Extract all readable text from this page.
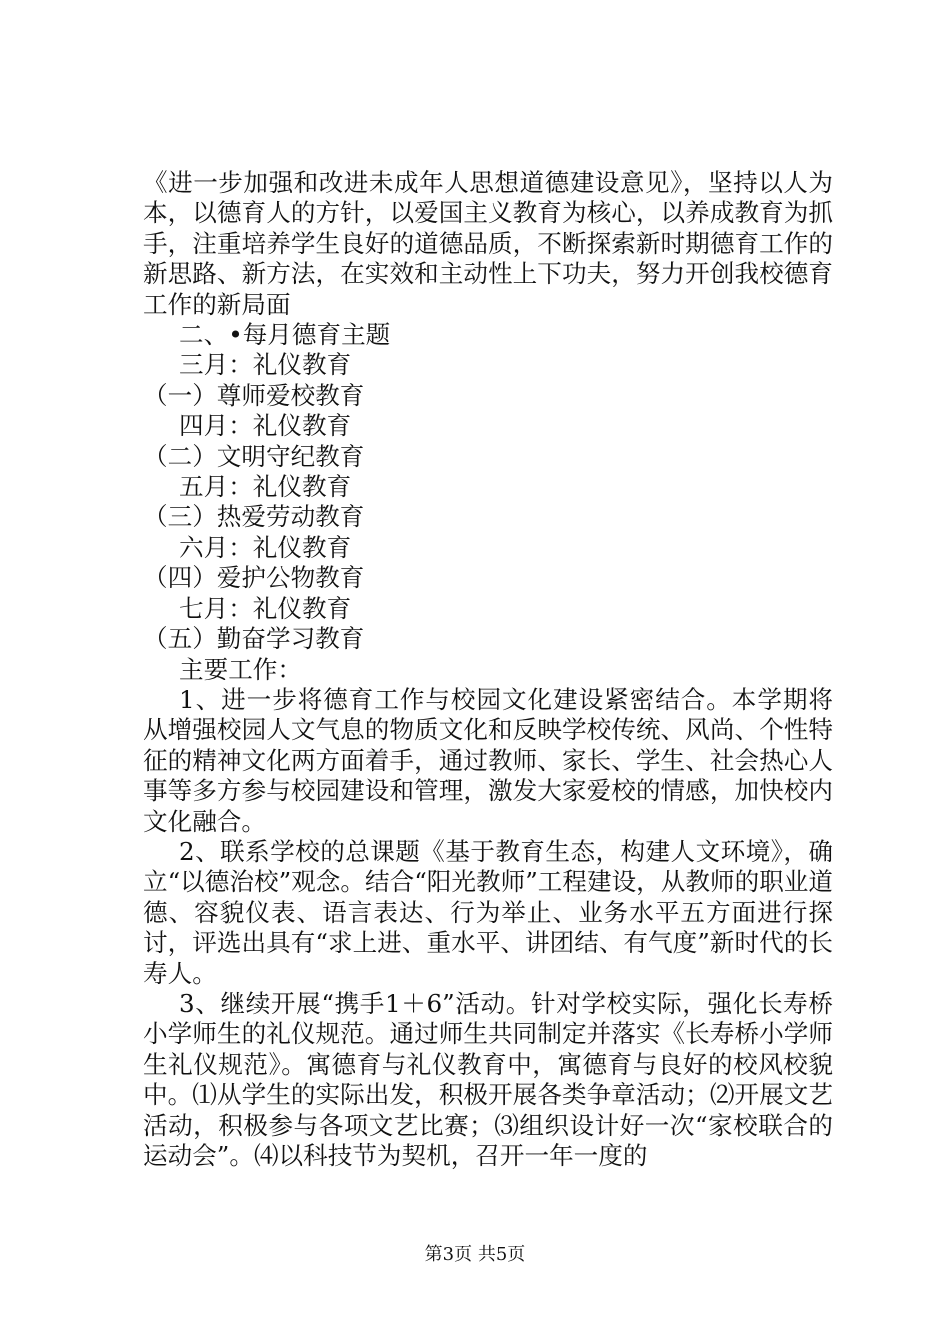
《进一步加强和改进未成年人思想道德建设意见》，坚持以人为本，以德育人的方针，以爱国主义教育为核心，以养成教育为抓手，注重培养学生良好的道德品质，不断探索新时期德育工作的新思路、新方法，在实效和主动性上下功夫，努力开创我校德育工作的新局面

二、•每月德育主题

三月：礼仪教育

（一）尊师爱校教育

四月：礼仪教育

（二）文明守纪教育

五月：礼仪教育

（三）热爱劳动教育

六月：礼仪教育

（四）爱护公物教育

七月：礼仪教育

（五）勤奋学习教育

主要工作：

1、进一步将德育工作与校园文化建设紧密结合。本学期将从增强校园人文气息的物质文化和反映学校传统、风尚、个性特征的精神文化两方面着手，通过教师、家长、学生、社会热心人事等多方参与校园建设和管理，激发大家爱校的情感，加快校内文化融合。

2、联系学校的总课题《基于教育生态，构建人文环境》，确立“以德治校”观念。结合“阳光教师”工程建设，从教师的职业道德、容貌仪表、语言表达、行为举止、业务水平五方面进行探讨，评选出具有“求上进、重水平、讲团结、有气度”新时代的长寿人。

3、继续开展“携手1＋6”活动。针对学校实际，强化长寿桥小学师生的礼仪规范。通过师生共同制定并落实《长寿桥小学师生礼仪规范》。寓德育与礼仪教育中，寓德育与良好的校风校貌中。⑴从学生的实际出发，积极开展各类争章活动；⑵开展文艺活动，积极参与各项文艺比赛；⑶组织设计好一次“家校联合的运动会”。⑷以科技节为契机，召开一年一度的

第3页 共5页
